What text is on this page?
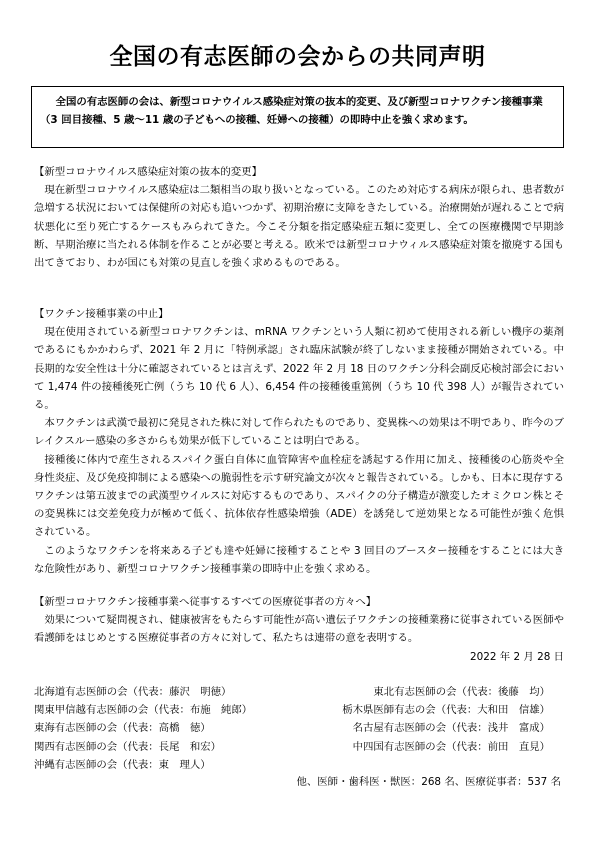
全国の有志医師の会からの共同声明
全国の有志医師の会は、新型コロナウイルス感染症対策の抜本的変更、及び新型コロナワクチン接種事業（3 回目接種、5 歳〜11 歳の子どもへの接種、妊婦への接種）の即時中止を強く求めます。
【新型コロナウイルス感染症対策の抜本的変更】
現在新型コロナウイルス感染症は二類相当の取り扱いとなっている。このため対応する病床が限られ、患者数が急増する状況においては保健所の対応も追いつかず、初期治療に支障をきたしている。治療開始が遅れることで病状悪化に至り死亡するケースもみられてきた。今こそ分類を指定感染症五類に変更し、全ての医療機関で早期診断、早期治療に当たれる体制を作ることが必要と考える。欧米では新型コロナウィルス感染症対策を撤廃する国も出てきており、わが国にも対策の見直しを強く求めるものである。
【ワクチン接種事業の中止】
現在使用されている新型コロナワクチンは、mRNA ワクチンという人類に初めて使用される新しい機序の薬剤であるにもかかわらず、2021 年 2 月に「特例承認」され臨床試験が終了しないまま接種が開始されている。中長期的な安全性は十分に確認されているとは言えず、2022 年 2 月 18 日のワクチン分科会副反応検討部会において 1,474 件の接種後死亡例（うち 10 代 6 人）、6,454 件の接種後重篤例（うち 10 代 398 人）が報告されている。
本ワクチンは武漢で最初に発見された株に対して作られたものであり、変異株への効果は不明であり、昨今のブレイクスルー感染の多さからも効果が低下していることは明白である。
接種後に体内で産生されるスパイク蛋白自体に血管障害や血栓症を誘起する作用に加え、接種後の心筋炎や全身性炎症、及び免疫抑制による感染への脆弱性を示す研究論文が次々と報告されている。しかも、日本に現存するワクチンは第五波までの武漢型ウイルスに対応するものであり、スパイクの分子構造が激変したオミクロン株とその変異株には交差免疫力が極めて低く、抗体依存性感染増強（ADE）を誘発して逆効果となる可能性が強く危惧されている。
このようなワクチンを将来ある子ども達や妊婦に接種することや 3 回目のブースター接種をすることには大きな危険性があり、新型コロナワクチン接種事業の即時中止を強く求める。
【新型コロナワクチン接種事業へ従事するすべての医療従事者の方々へ】
効果について疑問視され、健康被害をもたらす可能性が高い遺伝子ワクチンの接種業務に従事されている医師や看護師をはじめとする医療従事者の方々に対して、私たちは連帯の意を表明する。
2022 年 2 月 28 日
北海道有志医師の会（代表：藤沢　明徳）	東北有志医師の会（代表：後藤　均）
関東甲信越有志医師の会（代表：布施　純郎）	栃木県医師有志の会（代表：大和田　信雄）
東海有志医師の会（代表：高橋　徳）	名古屋有志医師の会（代表：浅井　富成）
関西有志医師の会（代表：長尾　和宏）	中四国有志医師の会（代表：前田　直見）
沖縄有志医師の会（代表：東　理人）
他、医師・歯科医・獣医：268 名、医療従事者：537 名
